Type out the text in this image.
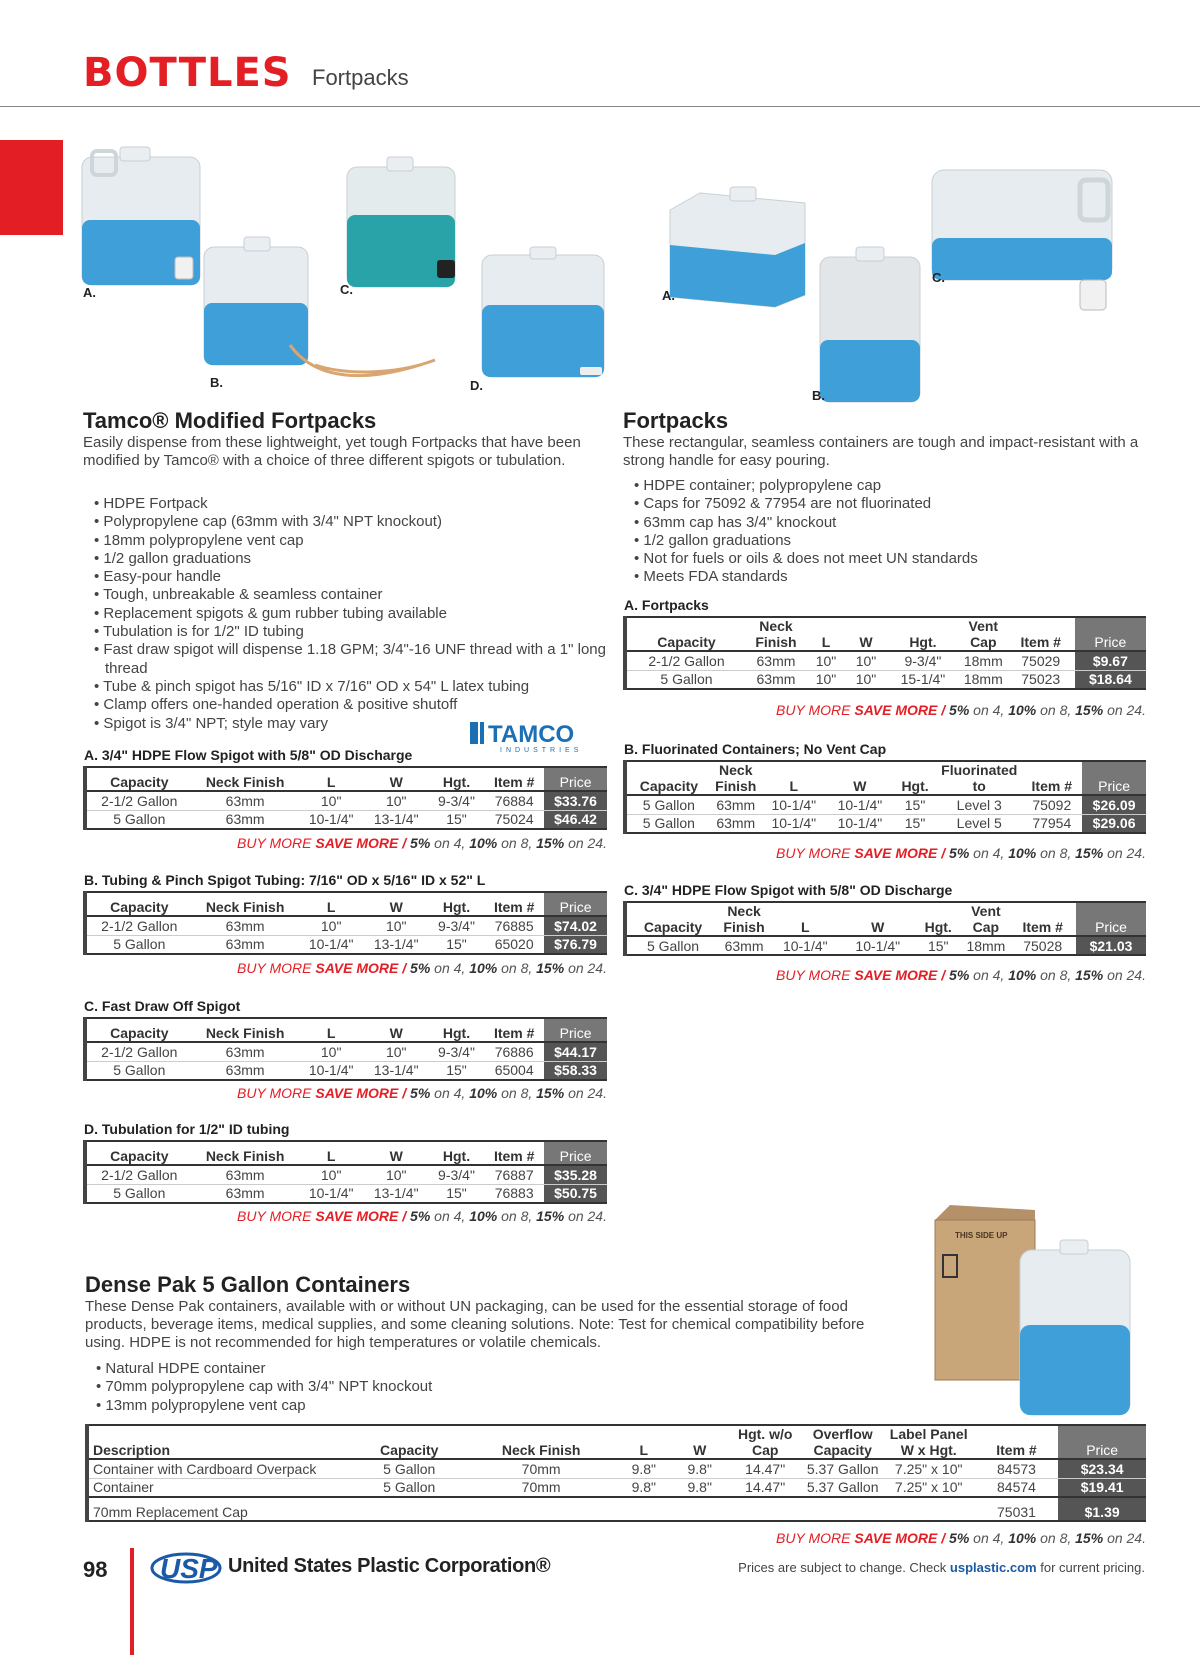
BOTTLES Fortpacks
A.
B.
C.
D.
A.
B.
C.
Tamco® Modified Fortpacks
Easily dispense from these lightweight, yet tough Fortpacks that have been modified by Tamco® with a choice of three different spigots or tubulation.
• HDPE Fortpack
• Polypropylene cap (63mm with 3/4" NPT knockout)
• 18mm polypropylene vent cap
• 1/2 gallon graduations
• Easy-pour handle
• Tough, unbreakable & seamless container
• Replacement spigots & gum rubber tubing available
• Tubulation is for 1/2" ID tubing
• Fast draw spigot will dispense 1.18 GPM; 3/4"-16 UNF thread with a 1" long thread
• Tube & pinch spigot has 5/16" ID x 7/16" OD x 54" L latex tubing
• Clamp offers one-handed operation & positive shutoff
• Spigot is 3/4" NPT; style may vary	TAMCO
INDUSTRIES
A. 3/4" HDPE Flow Spigot with 5/8" OD Discharge
Capacity	Neck Finish	L	W	Hgt.	Item #	Price
2-1/2 Gallon	63mm	10"	10"	9-3/4"	76884	$33.76
5 Gallon	63mm	10-1/4"	13-1/4"	15"	75024	$46.42
BUY MORE SAVE MORE / 5% on 4, 10% on 8, 15% on 24.
B. Tubing & Pinch Spigot Tubing: 7/16" OD x 5/16" ID x 52" L
Capacity	Neck Finish	L	W	Hgt.	Item #	Price
2-1/2 Gallon	63mm	10"	10"	9-3/4"	76885	$74.02
5 Gallon	63mm	10-1/4"	13-1/4"	15"	65020	$76.79
BUY MORE SAVE MORE / 5% on 4, 10% on 8, 15% on 24.
C. Fast Draw Off Spigot
Capacity	Neck Finish	L	W	Hgt.	Item #	Price
2-1/2 Gallon	63mm	10"	10"	9-3/4"	76886	$44.17
5 Gallon	63mm	10-1/4"	13-1/4"	15"	65004	$58.33
BUY MORE SAVE MORE / 5% on 4, 10% on 8, 15% on 24.
D. Tubulation for 1/2" ID tubing
Capacity	Neck Finish	L	W	Hgt.	Item #	Price
2-1/2 Gallon	63mm	10"	10"	9-3/4"	76887	$35.28
5 Gallon	63mm	10-1/4"	13-1/4"	15"	76883	$50.75
BUY MORE SAVE MORE / 5% on 4, 10% on 8, 15% on 24.
Fortpacks
These rectangular, seamless containers are tough and impact-resistant with a strong handle for easy pouring.
• HDPE container; polypropylene cap
• Caps for 75092 & 77954 are not fluorinated
• 63mm cap has 3/4" knockout
• 1/2 gallon graduations
• Not for fuels or oils & does not meet UN standards
• Meets FDA standards
A. Fortpacks
Capacity	Neck Finish	L	W	Hgt.	Vent Cap	Item #	Price
2-1/2 Gallon	63mm	10"	10"	9-3/4"	18mm	75029	$9.67
5 Gallon	63mm	10"	10"	15-1/4"	18mm	75023	$18.64
BUY MORE SAVE MORE / 5% on 4, 10% on 8, 15% on 24.
B. Fluorinated Containers; No Vent Cap
Capacity	Neck Finish	L	W	Hgt.	Fluorinated to	Item #	Price
5 Gallon	63mm	10-1/4"	10-1/4"	15"	Level 3	75092	$26.09
5 Gallon	63mm	10-1/4"	10-1/4"	15"	Level 5	77954	$29.06
BUY MORE SAVE MORE / 5% on 4, 10% on 8, 15% on 24.
C. 3/4" HDPE Flow Spigot with 5/8" OD Discharge
Capacity	Neck Finish	L	W	Hgt.	Vent Cap	Item #	Price
5 Gallon	63mm	10-1/4"	10-1/4"	15"	18mm	75028	$21.03
BUY MORE SAVE MORE / 5% on 4, 10% on 8, 15% on 24.
THIS SIDE UP
Dense Pak 5 Gallon Containers
These Dense Pak containers, available with or without UN packaging, can be used for the essential storage of food products, beverage items, medical supplies, and some cleaning solutions. Note: Test for chemical compatibility before using. HDPE is not recommended for high temperatures or volatile chemicals.
• Natural HDPE container
• 70mm polypropylene cap with 3/4" NPT knockout
• 13mm polypropylene vent cap
Description	Capacity	Neck Finish	L	W	Hgt. w/o Cap	Overflow Capacity	Label Panel W x Hgt.	Item #	Price
Container with Cardboard Overpack	5 Gallon	70mm	9.8"	9.8"	14.47"	5.37 Gallon	7.25" x 10"	84573	$23.34
Container	5 Gallon	70mm	9.8"	9.8"	14.47"	5.37 Gallon	7.25" x 10"	84574	$19.41
70mm Replacement Cap								75031	$1.39
BUY MORE SAVE MORE / 5% on 4, 10% on 8, 15% on 24.
98 USP United States Plastic Corporation®	Prices are subject to change. Check usplastic.com for current pricing.
